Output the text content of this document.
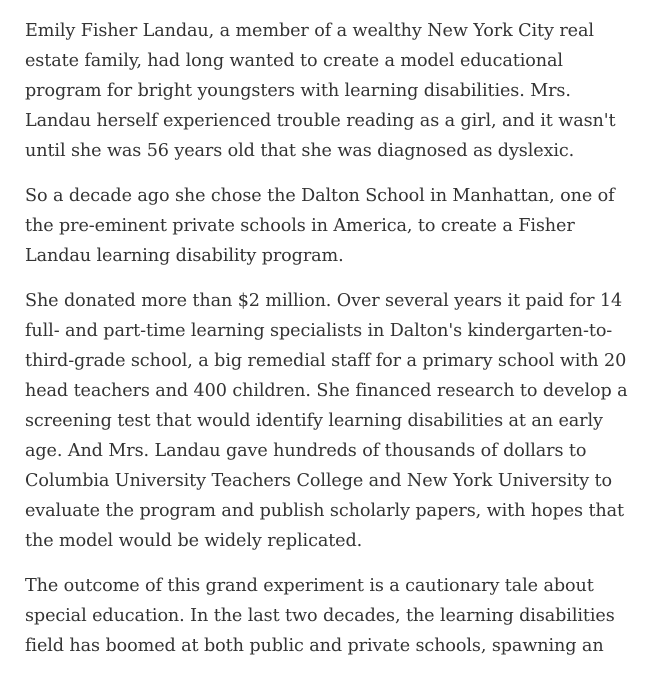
Emily Fisher Landau, a member of a wealthy New York City real estate family, had long wanted to create a model educational program for bright youngsters with learning disabilities. Mrs. Landau herself experienced trouble reading as a girl, and it wasn't until she was 56 years old that she was diagnosed as dyslexic.

So a decade ago she chose the Dalton School in Manhattan, one of the pre-eminent private schools in America, to create a Fisher Landau learning disability program.

She donated more than $2 million. Over several years it paid for 14 full- and part-time learning specialists in Dalton's kindergarten-to-third-grade school, a big remedial staff for a primary school with 20 head teachers and 400 children. She financed research to develop a screening test that would identify learning disabilities at an early age. And Mrs. Landau gave hundreds of thousands of dollars to Columbia University Teachers College and New York University to evaluate the program and publish scholarly papers, with hopes that the model would be widely replicated.

The outcome of this grand experiment is a cautionary tale about special education. In the last two decades, the learning disabilities field has boomed at both public and private schools, spawning an
